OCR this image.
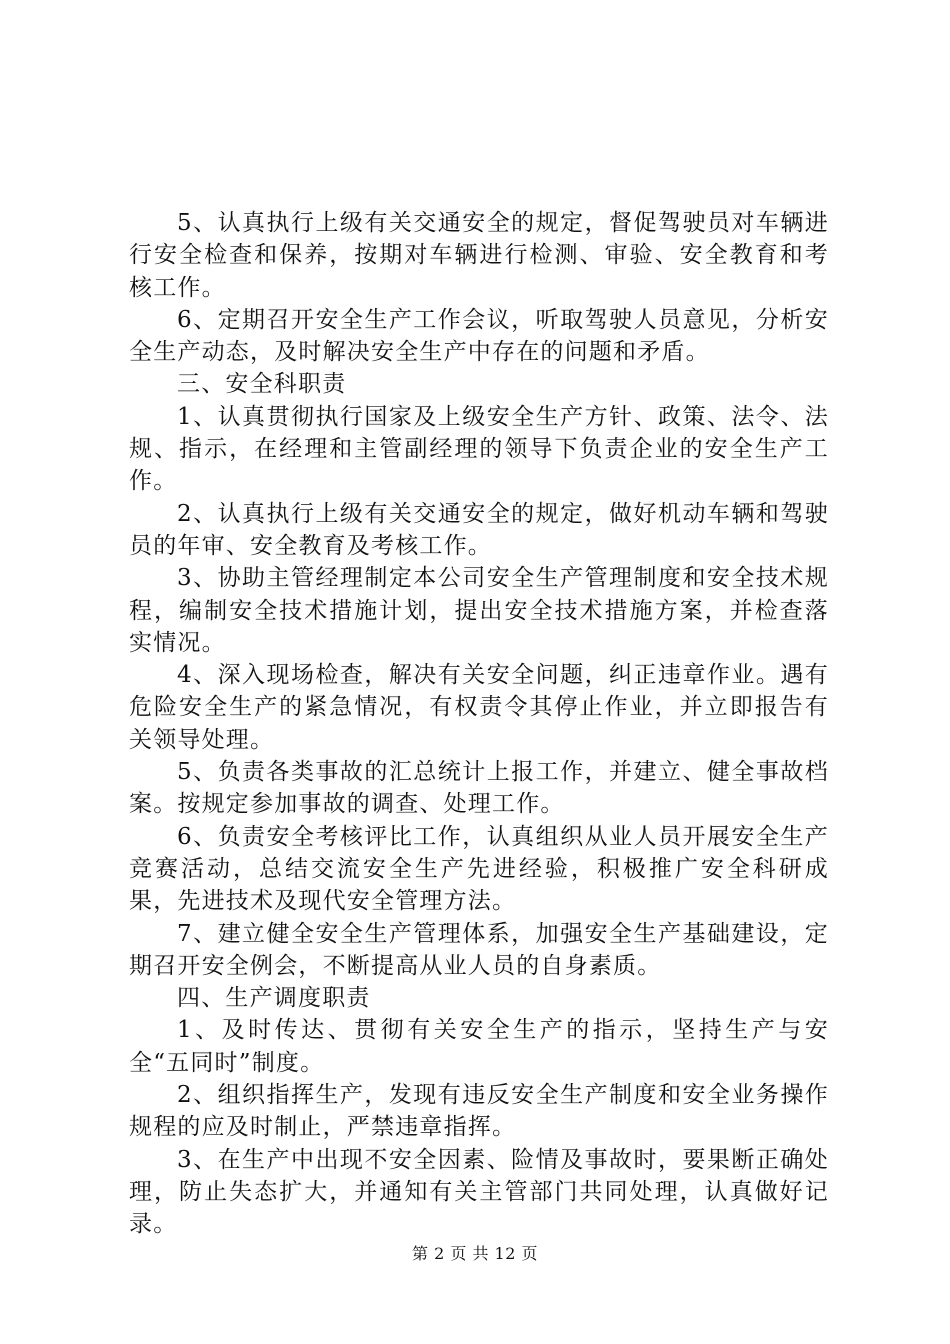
5、认真执行上级有关交通安全的规定，督促驾驶员对车辆进行安全检查和保养，按期对车辆进行检测、审验、安全教育和考核工作。

6、定期召开安全生产工作会议，听取驾驶人员意见，分析安全生产动态，及时解决安全生产中存在的问题和矛盾。

三、安全科职责

1、认真贯彻执行国家及上级安全生产方针、政策、法令、法规、指示，在经理和主管副经理的领导下负责企业的安全生产工作。

2、认真执行上级有关交通安全的规定，做好机动车辆和驾驶员的年审、安全教育及考核工作。

3、协助主管经理制定本公司安全生产管理制度和安全技术规程，编制安全技术措施计划，提出安全技术措施方案，并检查落实情况。

4、深入现场检查，解决有关安全问题，纠正违章作业。遇有危险安全生产的紧急情况，有权责令其停止作业，并立即报告有关领导处理。

5、负责各类事故的汇总统计上报工作，并建立、健全事故档案。按规定参加事故的调查、处理工作。

6、负责安全考核评比工作，认真组织从业人员开展安全生产竞赛活动，总结交流安全生产先进经验，积极推广安全科研成果，先进技术及现代安全管理方法。

7、建立健全安全生产管理体系，加强安全生产基础建设，定期召开安全例会，不断提高从业人员的自身素质。

四、生产调度职责

1、及时传达、贯彻有关安全生产的指示，坚持生产与安全“五同时”制度。

2、组织指挥生产，发现有违反安全生产制度和安全业务操作规程的应及时制止，严禁违章指挥。

3、在生产中出现不安全因素、险情及事故时，要果断正确处理，防止失态扩大，并通知有关主管部门共同处理，认真做好记录。

第 2 页 共 12 页
